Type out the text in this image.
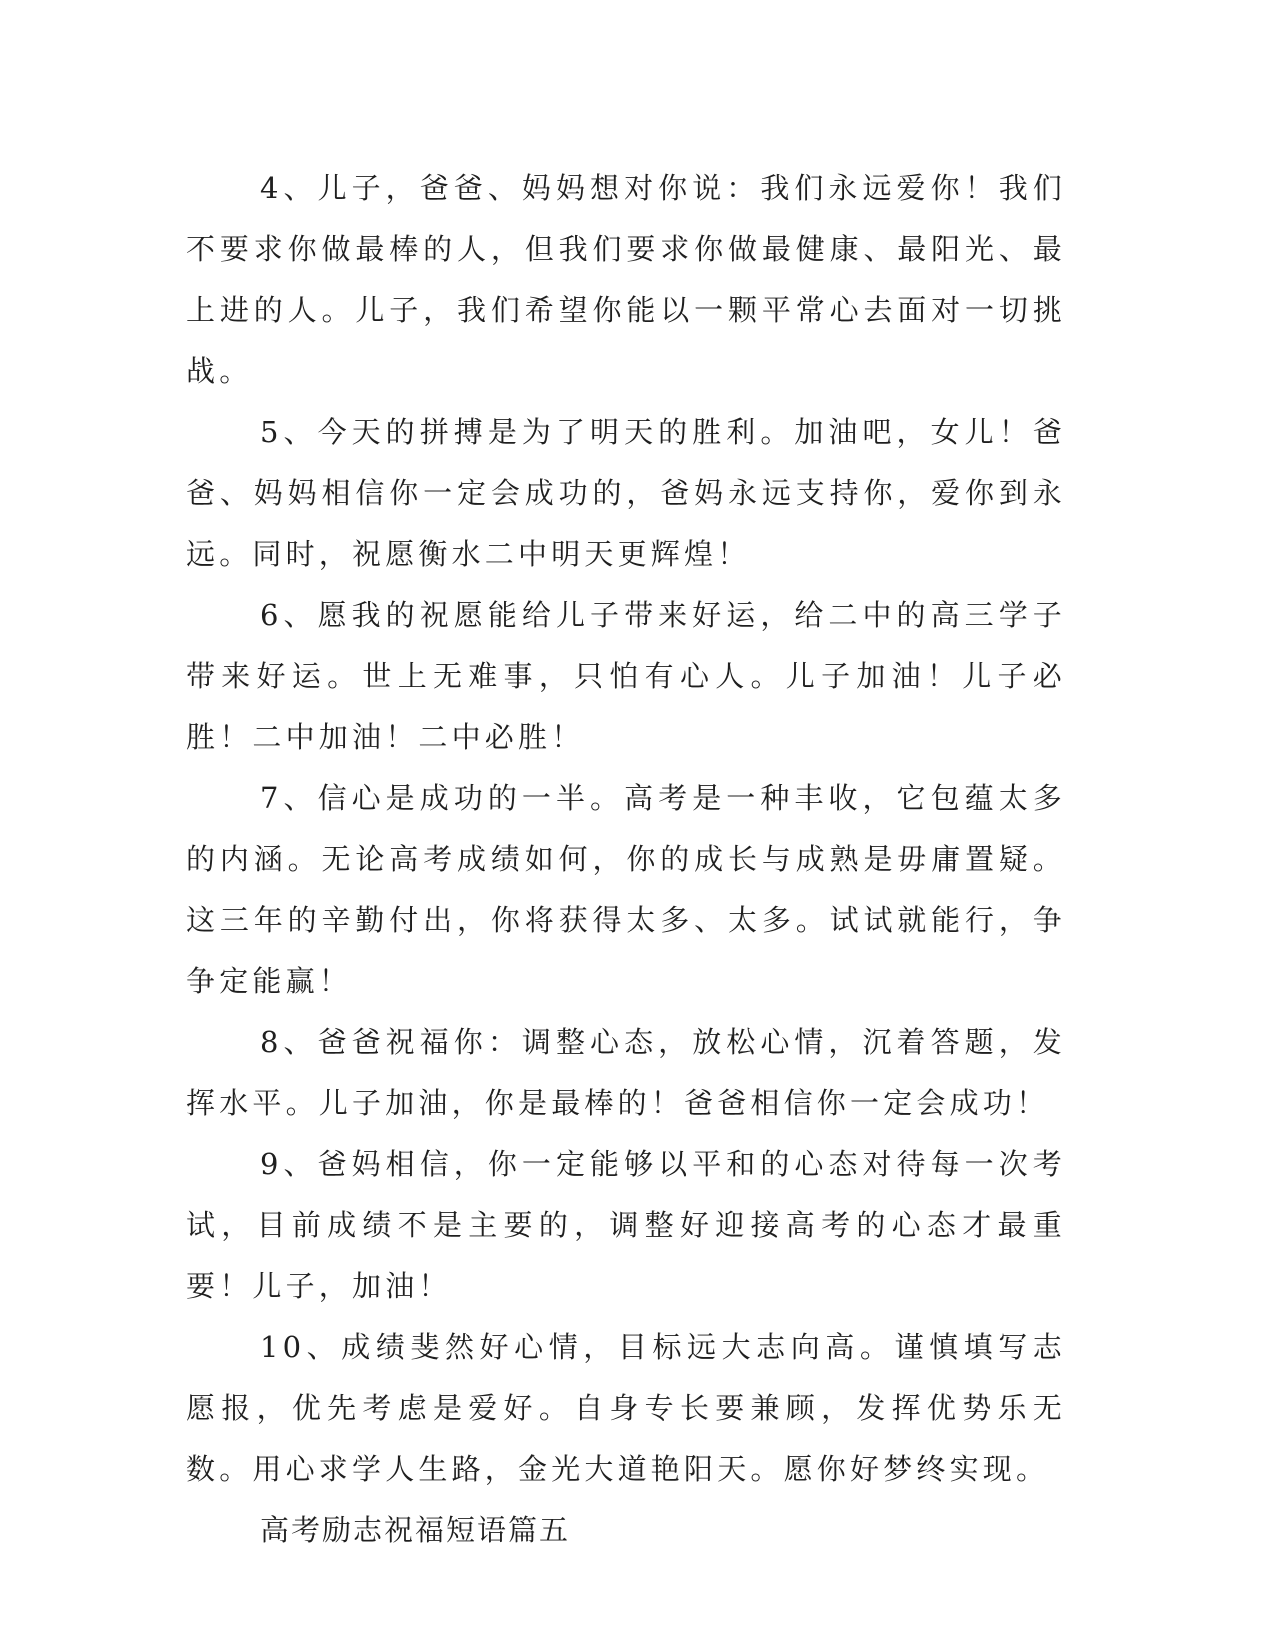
4、儿子，爸爸、妈妈想对你说：我们永远爱你！我们不要求你做最棒的人，但我们要求你做最健康、最阳光、最上进的人。儿子，我们希望你能以一颗平常心去面对一切挑战。

5、今天的拼搏是为了明天的胜利。加油吧，女儿！爸爸、妈妈相信你一定会成功的，爸妈永远支持你，爱你到永远。同时，祝愿衡水二中明天更辉煌！

6、愿我的祝愿能给儿子带来好运，给二中的高三学子带来好运。世上无难事，只怕有心人。儿子加油！儿子必胜！二中加油！二中必胜！

7、信心是成功的一半。高考是一种丰收，它包蕴太多的内涵。无论高考成绩如何，你的成长与成熟是毋庸置疑。这三年的辛勤付出，你将获得太多、太多。试试就能行，争争定能赢！

8、爸爸祝福你：调整心态，放松心情，沉着答题，发挥水平。儿子加油，你是最棒的！爸爸相信你一定会成功！

9、爸妈相信，你一定能够以平和的心态对待每一次考试，目前成绩不是主要的，调整好迎接高考的心态才最重要！儿子，加油！

10、成绩斐然好心情，目标远大志向高。谨慎填写志愿报，优先考虑是爱好。自身专长要兼顾，发挥优势乐无数。用心求学人生路，金光大道艳阳天。愿你好梦终实现。

高考励志祝福短语篇五
